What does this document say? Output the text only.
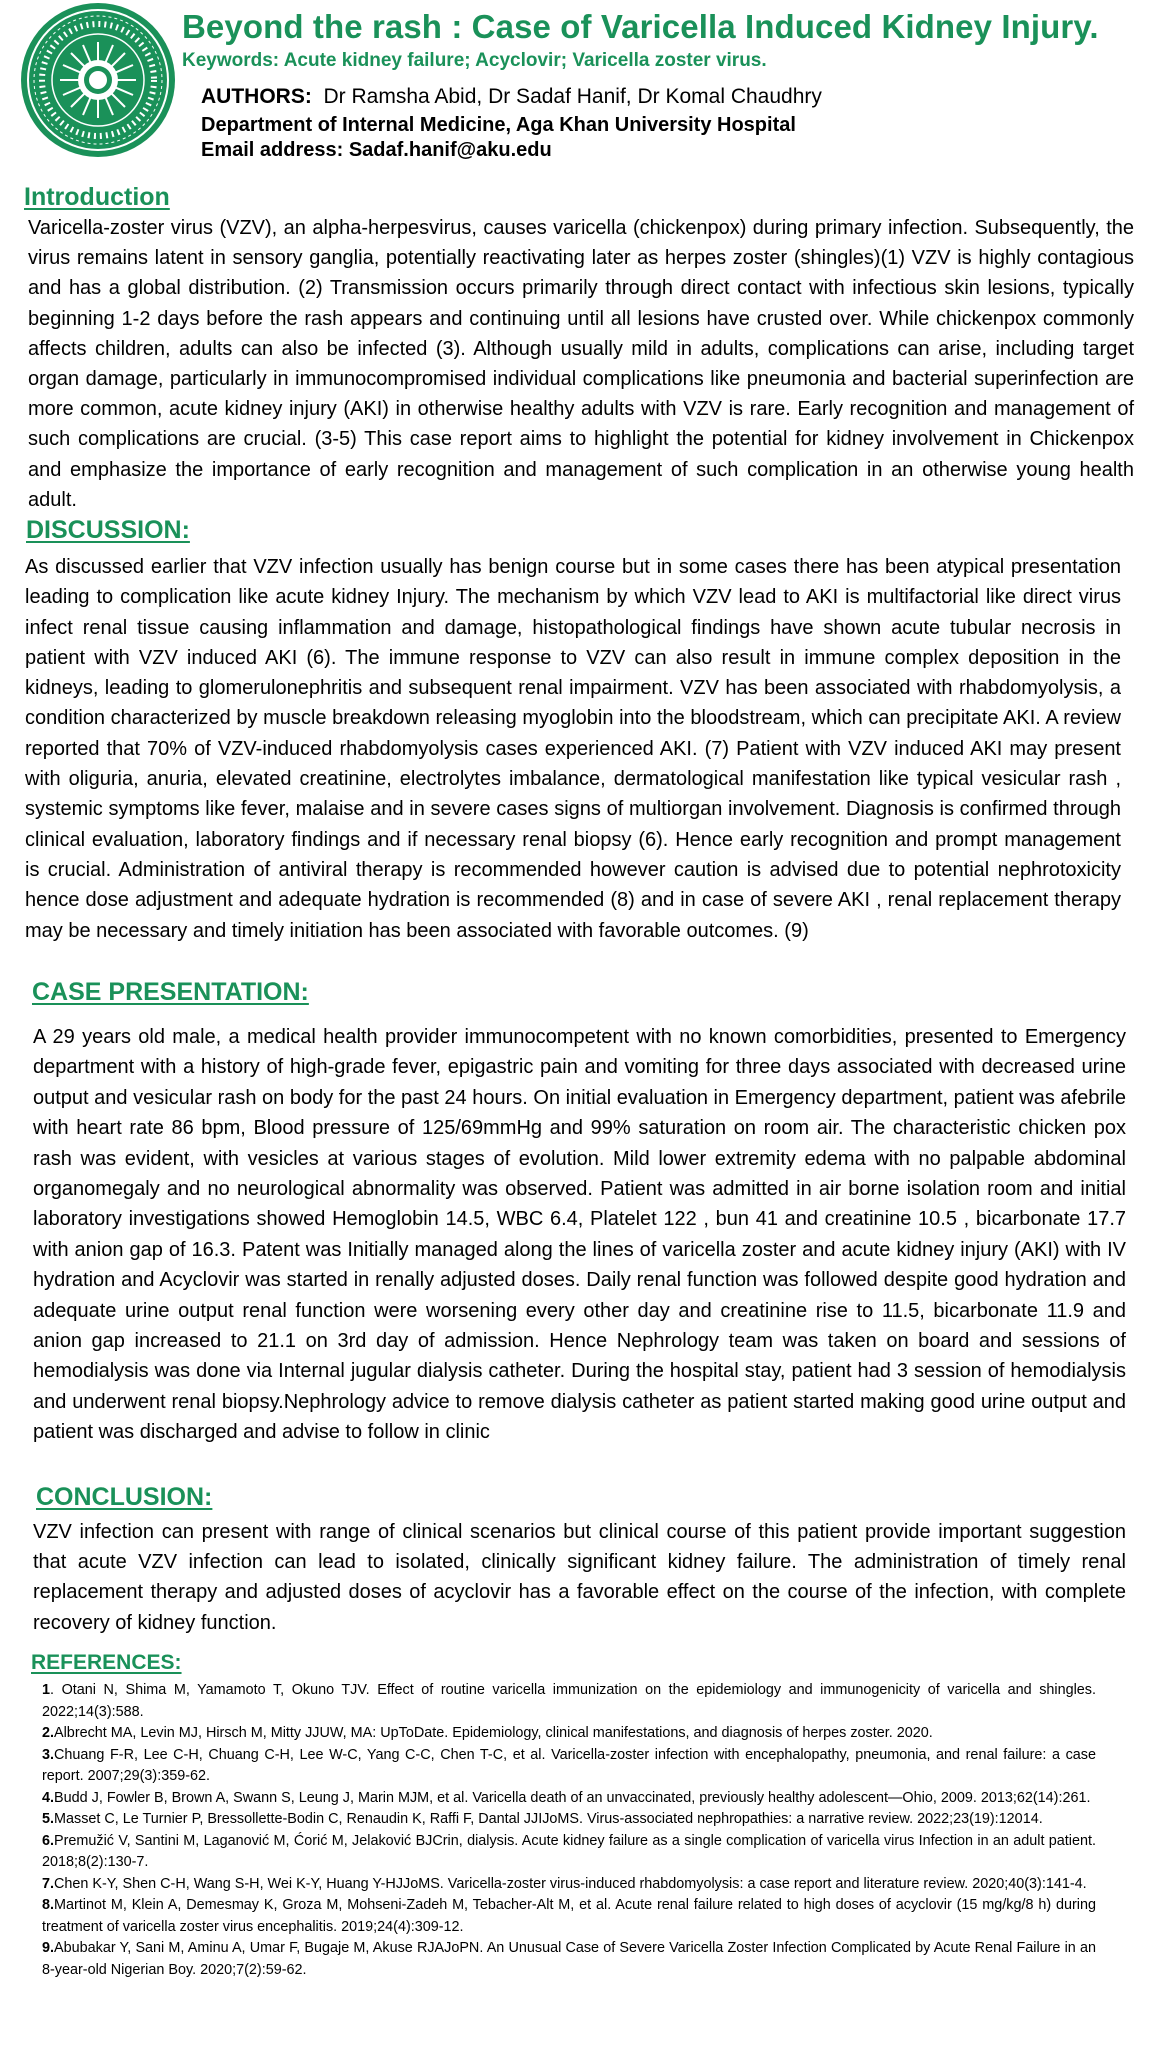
Beyond the rash : Case of Varicella Induced Kidney Injury.
Keywords: Acute kidney failure; Acyclovir; Varicella zoster virus.
AUTHORS: Dr Ramsha Abid, Dr Sadaf Hanif, Dr Komal Chaudhry
Department of Internal Medicine, Aga Khan University Hospital
Email address: Sadaf.hanif@aku.edu
Introduction

Varicella-zoster virus (VZV), an alpha-herpesvirus, causes varicella (chickenpox) during primary infection. Subsequently, the virus remains latent in sensory ganglia, potentially reactivating later as herpes zoster (shingles)(1) VZV is highly contagious and has a global distribution. (2) Transmission occurs primarily through direct contact with infectious skin lesions, typically beginning 1-2 days before the rash appears and continuing until all lesions have crusted over. While chickenpox commonly affects children, adults can also be infected (3). Although usually mild in adults, complications can arise, including target organ damage, particularly in immunocompromised individual complications like pneumonia and bacterial superinfection are more common, acute kidney injury (AKI) in otherwise healthy adults with VZV is rare. Early recognition and management of such complications are crucial. (3-5) This case report aims to highlight the potential for kidney involvement in Chickenpox and emphasize the importance of early recognition and management of such complication in an otherwise young health adult.

DISCUSSION:

As discussed earlier that VZV infection usually has benign course but in some cases there has been atypical presentation leading to complication like acute kidney Injury. The mechanism by which VZV lead to AKI is multifactorial like direct virus infect renal tissue causing inflammation and damage, histopathological findings have shown acute tubular necrosis in patient with VZV induced AKI (6). The immune response to VZV can also result in immune complex deposition in the kidneys, leading to glomerulonephritis and subsequent renal impairment. VZV has been associated with rhabdomyolysis, a condition characterized by muscle breakdown releasing myoglobin into the bloodstream, which can precipitate AKI. A review reported that 70% of VZV-induced rhabdomyolysis cases experienced AKI. (7) Patient with VZV induced AKI may present with oliguria, anuria, elevated creatinine, electrolytes imbalance, dermatological manifestation like typical vesicular rash , systemic symptoms like fever, malaise and in severe cases signs of multiorgan involvement. Diagnosis is confirmed through clinical evaluation, laboratory findings and if necessary renal biopsy (6). Hence early recognition and prompt management is crucial. Administration of antiviral therapy is recommended however caution is advised due to potential nephrotoxicity hence dose adjustment and adequate hydration is recommended (8) and in case of severe AKI , renal replacement therapy may be necessary and timely initiation has been associated with favorable outcomes. (9)

CASE PRESENTATION:

A 29 years old male, a medical health provider immunocompetent with no known comorbidities, presented to Emergency department with a history of high-grade fever, epigastric pain and vomiting for three days associated with decreased urine output and vesicular rash on body for the past 24 hours. On initial evaluation in Emergency department, patient was afebrile with heart rate 86 bpm, Blood pressure of 125/69mmHg and 99% saturation on room air. The characteristic chicken pox rash was evident, with vesicles at various stages of evolution. Mild lower extremity edema with no palpable abdominal organomegaly and no neurological abnormality was observed. Patient was admitted in air borne isolation room and initial laboratory investigations showed Hemoglobin 14.5, WBC 6.4, Platelet 122 , bun 41 and creatinine 10.5 , bicarbonate 17.7 with anion gap of 16.3. Patent was Initially managed along the lines of varicella zoster and acute kidney injury (AKI) with IV hydration and Acyclovir was started in renally adjusted doses. Daily renal function was followed despite good hydration and adequate urine output renal function were worsening every other day and creatinine rise to 11.5, bicarbonate 11.9 and anion gap increased to 21.1 on 3rd day of admission. Hence Nephrology team was taken on board and sessions of hemodialysis was done via Internal jugular dialysis catheter. During the hospital stay, patient had 3 session of hemodialysis and underwent renal biopsy.Nephrology advice to remove dialysis catheter as patient started making good urine output and patient was discharged and advise to follow in clinic

CONCLUSION:

VZV infection can present with range of clinical scenarios but clinical course of this patient provide important suggestion that acute VZV infection can lead to isolated, clinically significant kidney failure. The administration of timely renal replacement therapy and adjusted doses of acyclovir has a favorable effect on the course of the infection, with complete recovery of kidney function.

REFERENCES:
1. Otani N, Shima M, Yamamoto T, Okuno TJV. Effect of routine varicella immunization on the epidemiology and immunogenicity of varicella and shingles. 2022;14(3):588.
2.Albrecht MA, Levin MJ, Hirsch M, Mitty JJUW, MA: UpToDate. Epidemiology, clinical manifestations, and diagnosis of herpes zoster. 2020.
3.Chuang F-R, Lee C-H, Chuang C-H, Lee W-C, Yang C-C, Chen T-C, et al. Varicella-zoster infection with encephalopathy, pneumonia, and renal failure: a case report. 2007;29(3):359-62.
4.Budd J, Fowler B, Brown A, Swann S, Leung J, Marin MJM, et al. Varicella death of an unvaccinated, previously healthy adolescent—Ohio, 2009. 2013;62(14):261.
5.Masset C, Le Turnier P, Bressollette-Bodin C, Renaudin K, Raffi F, Dantal JJIJoMS. Virus-associated nephropathies: a narrative review. 2022;23(19):12014.
6.Premužić V, Santini M, Laganović M, Ćorić M, Jelaković BJCrin, dialysis. Acute kidney failure as a single complication of varicella virus Infection in an adult patient. 2018;8(2):130-7.
7.Chen K-Y, Shen C-H, Wang S-H, Wei K-Y, Huang Y-HJJoMS. Varicella-zoster virus-induced rhabdomyolysis: a case report and literature review. 2020;40(3):141-4.
8.Martinot M, Klein A, Demesmay K, Groza M, Mohseni-Zadeh M, Tebacher-Alt M, et al. Acute renal failure related to high doses of acyclovir (15 mg/kg/8 h) during treatment of varicella zoster virus encephalitis. 2019;24(4):309-12.
9.Abubakar Y, Sani M, Aminu A, Umar F, Bugaje M, Akuse RJAJoPN. An Unusual Case of Severe Varicella Zoster Infection Complicated by Acute Renal Failure in an 8-year-old Nigerian Boy. 2020;7(2):59-62.
